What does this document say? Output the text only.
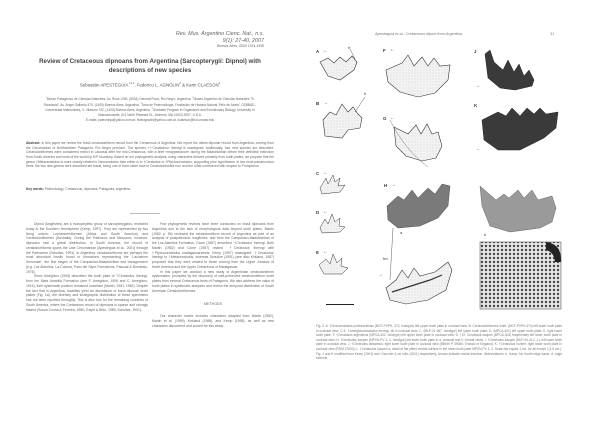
Rev. Mus. Argentino Cienc. Nat., n.s.
9(1): 27-40, 2007
Buenos Aires, ISSN 1514-5158
Review of Cretaceous dipnoans from Argentina (Sarcopterygii: Dipnoi) with descriptions of new species
Sebastián APESTEGUÍA$^{1,2,3}$, Federico L. AGNOLIN$^2$ & Karin CLAESON$^4$
$^1$Museo Patagónico de Ciencias Naturales, Av. Roca 1250, (8334) General Roca, Río Negro, Argentina. $^2$Museo Argentino de Ciencias Naturales "B. Rivadavia", Av. Ángel Gallardo 470, (1405) Buenos Aires, Argentina. $^3$Área de Paleontología, Fundación de Historia Natural 'Félix de Azara', CEBBAD - Universidad Maimónides, V. Virasoro 732, (1405) Buenos Aires, Argentina. $^4$Graduate Program in Organismic and Evolutionary Biology, University of Massachusetts, 611 North Pleasant St., Amherst, MA 01003-9297, U.S.A.
E-mails: paleoninja@yahoo.com.ar, fedeagnolin@yahoo.com.ar, kclaeson@bio.umass.edu
Abstract: In this paper we review the fossil ceratodontiform record from the Cretaceous of Argentina. We report the oldest dipnoan record from Argentina, coming from the Cenomanian of Northwestern Patagonia, Río Negro province. The species «†Ceratodus» iheringi is reassigned. Additionally, four new species are described. Ceratodontiformes were considered extinct in Laurasia after the mid-Cretaceous, with a brief «reappearance» during the Maastrichtian before their definitive extinction from South America and most of the world by K/P boundary. Based on our phylogenetic analysis, using characters derived primarily from tooth plates, we propose that the genus †Metaceratodus is more closely related to Neoceratodus than either is to †Ceratodus or †Ptychoceratodus, supporting prior hypotheses. In two most parsimonious trees, the two new genera here described are basal, being one of them sister taxa to Ceratodontoidea nov. and the other unresolved with respect to Protopterus.
Key words: Paleontology, Cretaceous, dipnoans, Patagonia, Argentina.

Dipnoi (lungfishes) are a monophyletic group of sarcopterygians, restricted today to the Southern Hemisphere (Kemp, 1997). They are represented by two living orders: Lepidosireniformes (Africa and South America) and Ceratodontiformes (Australia). During the Paleozoic and Mesozoic, however, dipnoans had a global distribution. In South America, the record of ceratodontiforms spans the Late Cenomanian (Apesteguía et al., 2001) through the Paleocene (Schultze, 1991). In Argentina, ceratodontiforms are perhaps the most abundant fossils found in formations representing the 'Lacustrine Senomian', the first stages of the Campanian-Maastrichtian sea transgression (e.g. Los Alamitos, La Colonia, Paso del Sapo Formations; Pascual & Bondesio, 1976).

Since Ameghino (1906) described the tooth plate of '?Ceratodus' iheringi, from the Mata Amarilla Formation (see F. Ameghino, 1906 and C. Ameghino, 1916), their systematic position remained uncertain (Martin, 1981, 1982). Despite the fact that in Argentina, localities yield an abundance of fossil dipnoan tooth plates (Fig. 1a), the diversity and stratigraphic distribution of these specimens has not been reported throughly. This is also true for the remaining countries of South America, where the Cretaceous record of dipnoans is sparse and strongly biased (Souza Cunha & Ferreira, 1980; Gayet & Brito, 1989; Schultze, 1991).

Few phylogenetic reviews have been conducted on fossil dipnoans from Argentina due to the lack of morphological data beyond tooth plates. Martin (1982: p. 56) reviewed the ceratodontiform record of Argentina as part of an analysis of postpaleozoic lungfishes, and from the Campanian-Maastrichtian of the Los Alamitos Formation. Cione (1987) described '†Ceratodus' iheringi. Both Martin (1982) and Cione (1987) related '†Ceratodus' iheringi with †Ptychoceratodus madagascariensis. Kemp (1997) reassigned '†Ceratodus' iheringi to †Metaceratodus, whereas Schultze (1991) (see also Kirkland, 1987) proposed that they were related to those coming from the Upper Jurassic of North America and the Upper Cretaceous of Madagascar.

In this paper we conduct a new study of Argentinian ceratodontiform systematics, prompted by the discovery of well-preserved ceratodontiform tooth plates from several Cretaceous beds of Patagonia. We also address the value of tooth plates in systematic analyses and review the temporal distribution of South American Ceratodontiformes.

METHODS

Our character matrix includes characters adapted from Martin (1982), Martin et al. (1999), Kirkland (1988), and Kemp (1998), as well as new characters discovered and scored for this study.

Apesteguía et al.: Cretaceous dipnoi from Argentina	31
A ←
rt
B →
b
C ←
D ←
E ←
F ←
G ←
H →
a
frb
→
J
←
K
←
b
Fig. 2. A. †Chaoceratodus portezuelensis (MCF-PVPH- 373, holotype) left upper tooth plate in occlusal view; B. Ceratodontiformes indet. (MCF-PVPH-374) left lower tooth plate in occlusal view; C-E. †Ameghinoceratodus iheringi, all in occlusal view; C. (MLP-21-967, holotype) left upper tooth plate; D. (MPCA-401) left upper tooth plate; E. right lower tooth plate; F. †Ceratodus argentinus (MPCA-402, holotype) left upper tooth plate in occlusal view; G. †Cf. Ceratodus kaopen (MPCA-403) fragmentary left lower tooth plate in occlusal view; H. †Ceratodus kaopen (MPCN-PV 1- 1, holotype) left lower tooth plate in a, occlusal and b, ventral views; I. †Ceratodus kaopen (MLP-94-XI-1 -1), left lower tooth plate in occlusal view. J. †Ceratodus latissimus: right lower tooth plate in occlusal view (BMNH P 39089, Triassic of England); K. †Ceratodus hunteri: right lower tooth plate in occlusal view (ROM 47620); L. †Ceratodus kaopen a, detail of the pitted ventral surface in the lower tooth plate MPCN-PV 1- 2. Scale bar equals 1 cm. for all except I (1.5 cm.). Fig. J and K modified from Kemp (2001) and Churcher & de Iuliis (2001) respectively. Arrows indicate rostral direction. Abbreviatures: b, bump; frb, fourth ridge basin; rt, ridge tubercle.
